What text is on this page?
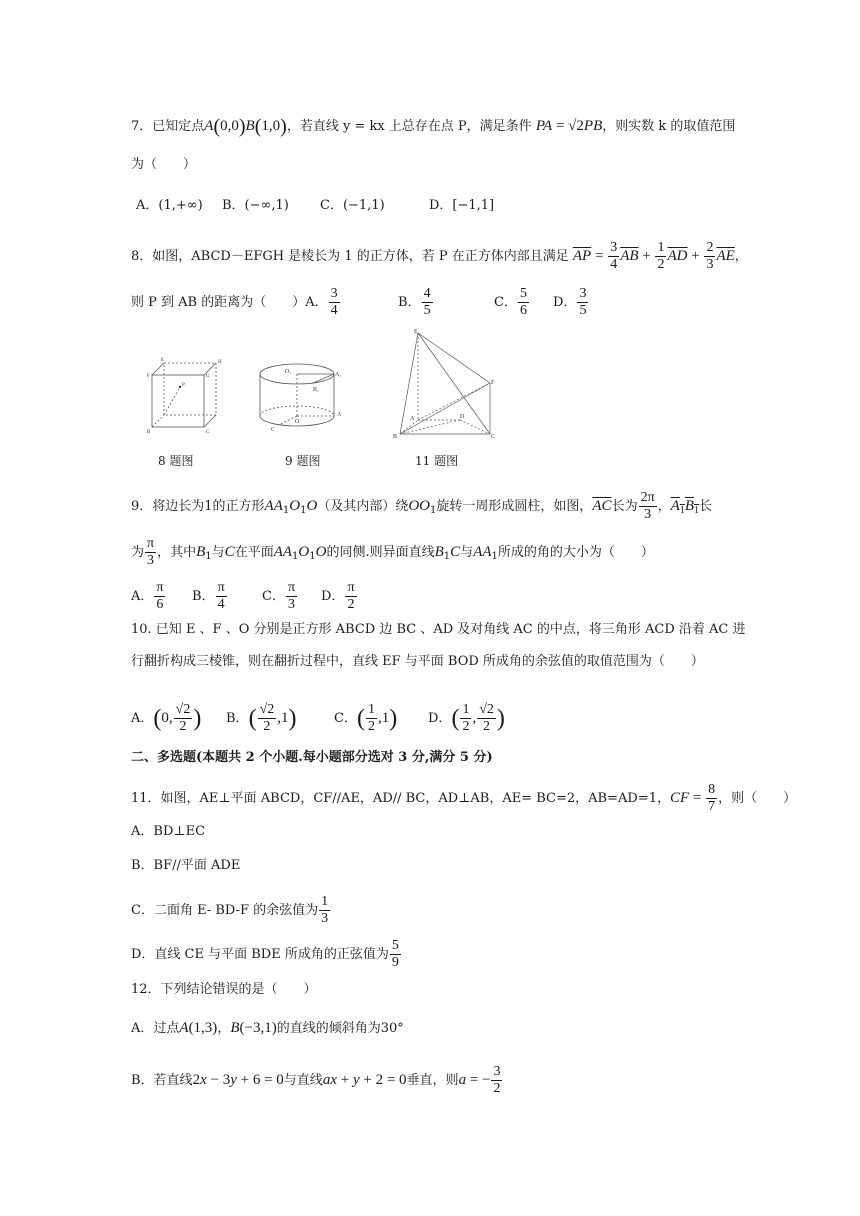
7．已知定点A(0,0)B(1,0)，若直线 y = kx 上总存在点 P，满足条件 PA = √2PB，则实数 k 的取值范围
为（　　）
A．(1,+∞) B．(−∞,1) C．(−1,1)	D．[−1,1]
8．如图，ABCD－EFGH 是棱长为 1 的正方体，若 P 在正方体内部且满足 $\overline{AP} = \frac{3}{4} \overline{AB} + \frac{1}{2} \overline{AD} + \frac{2}{3} \overline{AE}$，
则 P 到 AB 的距离为（　　）A． $\frac{3}{4}$	B． $\frac{4}{5}$	C． $\frac{5}{6}$ D． $\frac{3}{5}$
F
E	H
G
P
B	C
O₁	A₁
B₁
A
O
C
E
F
A
B	C
D
8 题图	9 题图	11 题图
9．将边长为1的正方形$AA_1O_1O$（及其内部）绕$OO_1$旋转一周形成圆柱，如图，$\overline{AC}$长为 $\frac{2\pi}{3}$ ，$A_1B_1$长
为 $\frac{\pi}{3}$ ，其中$B_1$与C在平面$AA_1O_1O$的同侧.则异面直线$B_1C$与$AA_1$所成的角的大小为（　　）
A． $\frac{\pi}{6}$ B． $\frac{\pi}{4}$	C． $\frac{\pi}{3}$ D． $\frac{\pi}{2}$
10. 已知 E 、F 、O 分别是正方形 ABCD 边 BC 、AD 及对角线 AC 的中点，将三角形 ACD 沿着 AC 进
行翻折构成三棱锥，则在翻折过程中，直线 EF 与平面 BOD 所成角的余弦值的取值范围为（　　）
A．(0, $\frac{√2}{2}$ ) B．( $\frac{√2}{2} ,1$)	C．( $\frac{1}{2} ,1$) D．( $\frac{1}{2}$ , $\frac{√2}{2}$ )
二、多选题(本题共 2 个小题.每小题部分选对 3 分,满分 5 分)
11．如图，AE⊥平面 ABCD，CF//AE，AD// BC，AD⊥AB，AE= BC=2，AB=AD=1，CF = $\frac{8}{7}$ ，则（　　）
A．BD⊥EC
B．BF//平面 ADE
C．二面角 E- BD-F 的余弦值为 $\frac{1}{3}$
D．直线 CE 与平面 BDE 所成角的正弦值为 $\frac{5}{9}$
12．下列结论错误的是（　　）
A．过点A(1,3)，B(−3,1)的直线的倾斜角为30°
B．若直线2x − 3y + 6 = 0与直线ax + y + 2 = 0垂直，则a = − $\frac{3}{2}$
